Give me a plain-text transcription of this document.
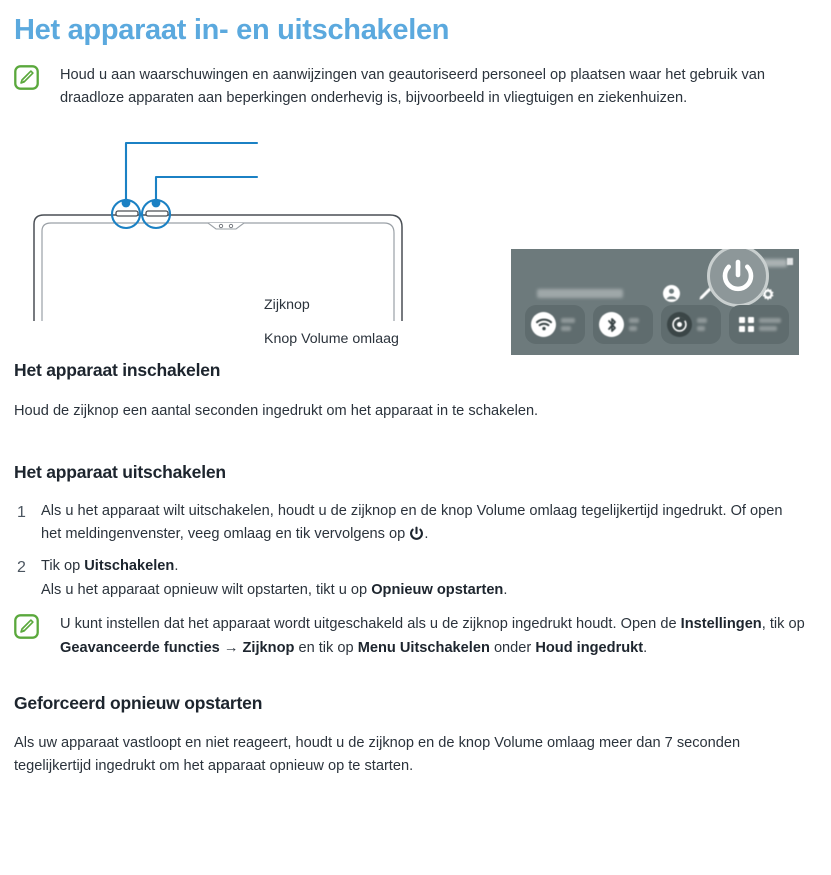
Het apparaat in- en uitschakelen
Houd u aan waarschuwingen en aanwijzingen van geautoriseerd personeel op plaatsen waar het gebruik van draadloze apparaten aan beperkingen onderhevig is, bijvoorbeeld in vliegtuigen en ziekenhuizen.
Zijknop
Knop Volume omlaag
Het apparaat inschakelen

Houd de zijknop een aantal seconden ingedrukt om het apparaat in te schakelen.

Het apparaat uitschakelen
1	Als u het apparaat wilt uitschakelen, houdt u de zijknop en de knop Volume omlaag tegelijkertijd ingedrukt. Of open het meldingenvenster, veeg omlaag en tik vervolgens op .
2	Tik op Uitschakelen.
Als u het apparaat opnieuw wilt opstarten, tikt u op Opnieuw opstarten.
U kunt instellen dat het apparaat wordt uitgeschakeld als u de zijknop ingedrukt houdt. Open de Instellingen, tik op Geavanceerde functies → Zijknop en tik op Menu Uitschakelen onder Houd ingedrukt.
Geforceerd opnieuw opstarten

Als uw apparaat vastloopt en niet reageert, houdt u de zijknop en de knop Volume omlaag meer dan 7 seconden tegelijkertijd ingedrukt om het apparaat opnieuw op te starten.
